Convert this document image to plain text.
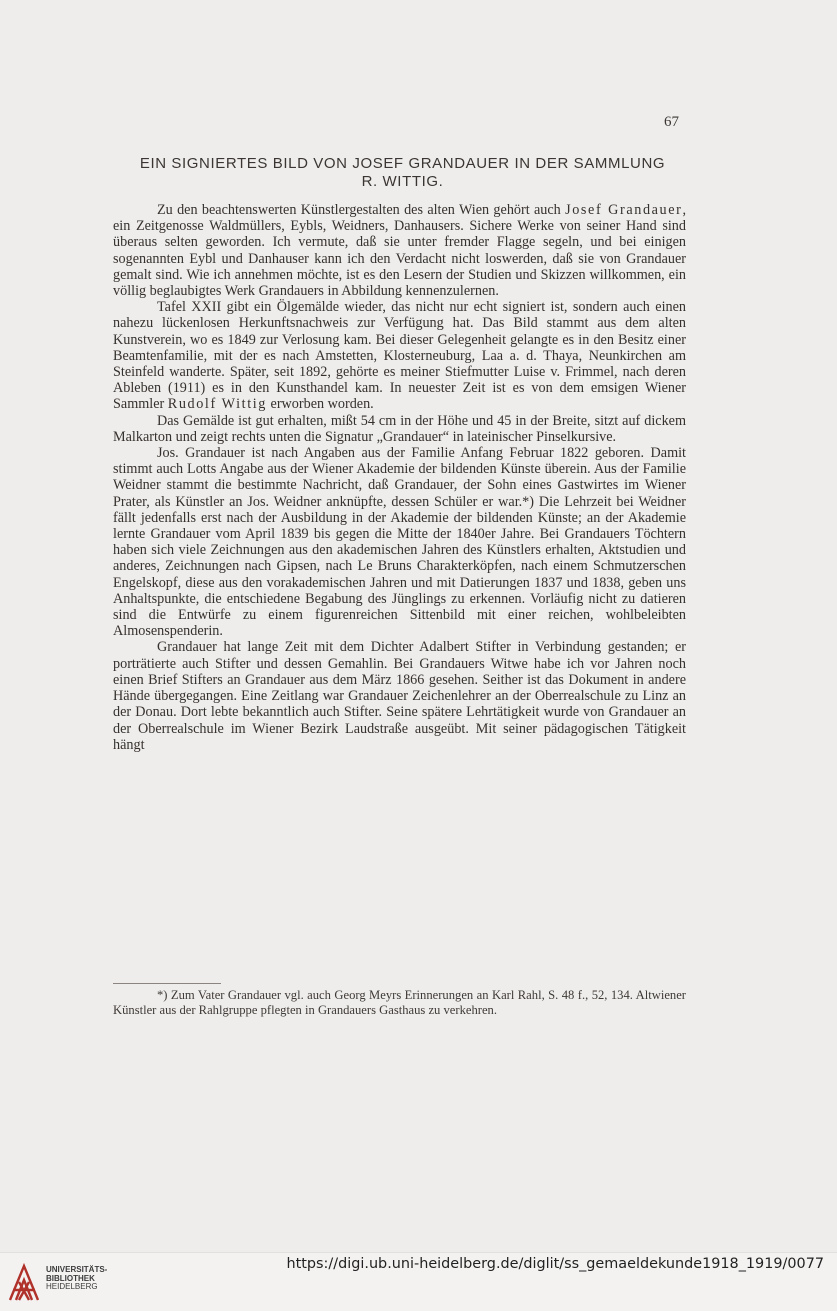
67
EIN SIGNIERTES BILD VON JOSEF GRANDAUER IN DER SAMMLUNG
R. WITTIG.

Zu den beachtenswerten Künstlergestalten des alten Wien gehört auch Josef Grandauer, ein Zeitgenosse Waldmüllers, Eybls, Weidners, Danhausers. Sichere Werke von seiner Hand sind überaus selten geworden. Ich vermute, daß sie unter fremder Flagge segeln, und bei einigen sogenannten Eybl und Danhauser kann ich den Verdacht nicht loswerden, daß sie von Grandauer gemalt sind. Wie ich annehmen möchte, ist es den Lesern der Studien und Skizzen willkommen, ein völlig beglaubigtes Werk Grandauers in Abbildung kennenzulernen.

Tafel XXII gibt ein Ölgemälde wieder, das nicht nur echt signiert ist, sondern auch einen nahezu lückenlosen Herkunftsnachweis zur Verfügung hat. Das Bild stammt aus dem alten Kunstverein, wo es 1849 zur Verlosung kam. Bei dieser Gelegenheit gelangte es in den Besitz einer Beamtenfamilie, mit der es nach Amstetten, Klosterneuburg, Laa a. d. Thaya, Neunkirchen am Steinfeld wanderte. Später, seit 1892, gehörte es meiner Stiefmutter Luise v. Frimmel, nach deren Ableben (1911) es in den Kunsthandel kam. In neuester Zeit ist es von dem emsigen Wiener Sammler Rudolf Wittig erworben worden.

Das Gemälde ist gut erhalten, mißt 54 cm in der Höhe und 45 in der Breite, sitzt auf dickem Malkarton und zeigt rechts unten die Signatur „Grandauer“ in lateinischer Pinselkursive.

Jos. Grandauer ist nach Angaben aus der Familie Anfang Februar 1822 geboren. Damit stimmt auch Lotts Angabe aus der Wiener Akademie der bildenden Künste überein. Aus der Familie Weidner stammt die bestimmte Nachricht, daß Grandauer, der Sohn eines Gastwirtes im Wiener Prater, als Künstler an Jos. Weidner anknüpfte, dessen Schüler er war.*) Die Lehrzeit bei Weidner fällt jedenfalls erst nach der Ausbildung in der Akademie der bildenden Künste; an der Akademie lernte Grandauer vom April 1839 bis gegen die Mitte der 1840er Jahre. Bei Grandauers Töchtern haben sich viele Zeichnungen aus den akademischen Jahren des Künstlers erhalten, Aktstudien und anderes, Zeichnungen nach Gipsen, nach Le Bruns Charakterköpfen, nach einem Schmutzerschen Engelskopf, diese aus den vorakademischen Jahren und mit Datierungen 1837 und 1838, geben uns Anhaltspunkte, die entschiedene Begabung des Jünglings zu erkennen. Vorläufig nicht zu datieren sind die Entwürfe zu einem figurenreichen Sittenbild mit einer reichen, wohlbeleibten Almosenspenderin.

Grandauer hat lange Zeit mit dem Dichter Adalbert Stifter in Verbindung gestanden; er porträtierte auch Stifter und dessen Gemahlin. Bei Grandauers Witwe habe ich vor Jahren noch einen Brief Stifters an Grandauer aus dem März 1866 gesehen. Seither ist das Dokument in andere Hände übergegangen. Eine Zeitlang war Grandauer Zeichenlehrer an der Oberrealschule zu Linz an der Donau. Dort lebte bekanntlich auch Stifter. Seine spätere Lehrtätigkeit wurde von Grandauer an der Oberrealschule im Wiener Bezirk Laudstraße ausgeübt. Mit seiner pädagogischen Tätigkeit hängt

*) Zum Vater Grandauer vgl. auch Georg Meyrs Erinnerungen an Karl Rahl, S. 48 f., 52, 134. Altwiener Künstler aus der Rahlgruppe pflegten in Grandauers Gasthaus zu verkehren.

UNIVERSITÄTS-
BIBLIOTHEK
HEIDELBERG
https://digi.ub.uni-heidelberg.de/diglit/ss_gemaeldekunde1918_1919/0077
